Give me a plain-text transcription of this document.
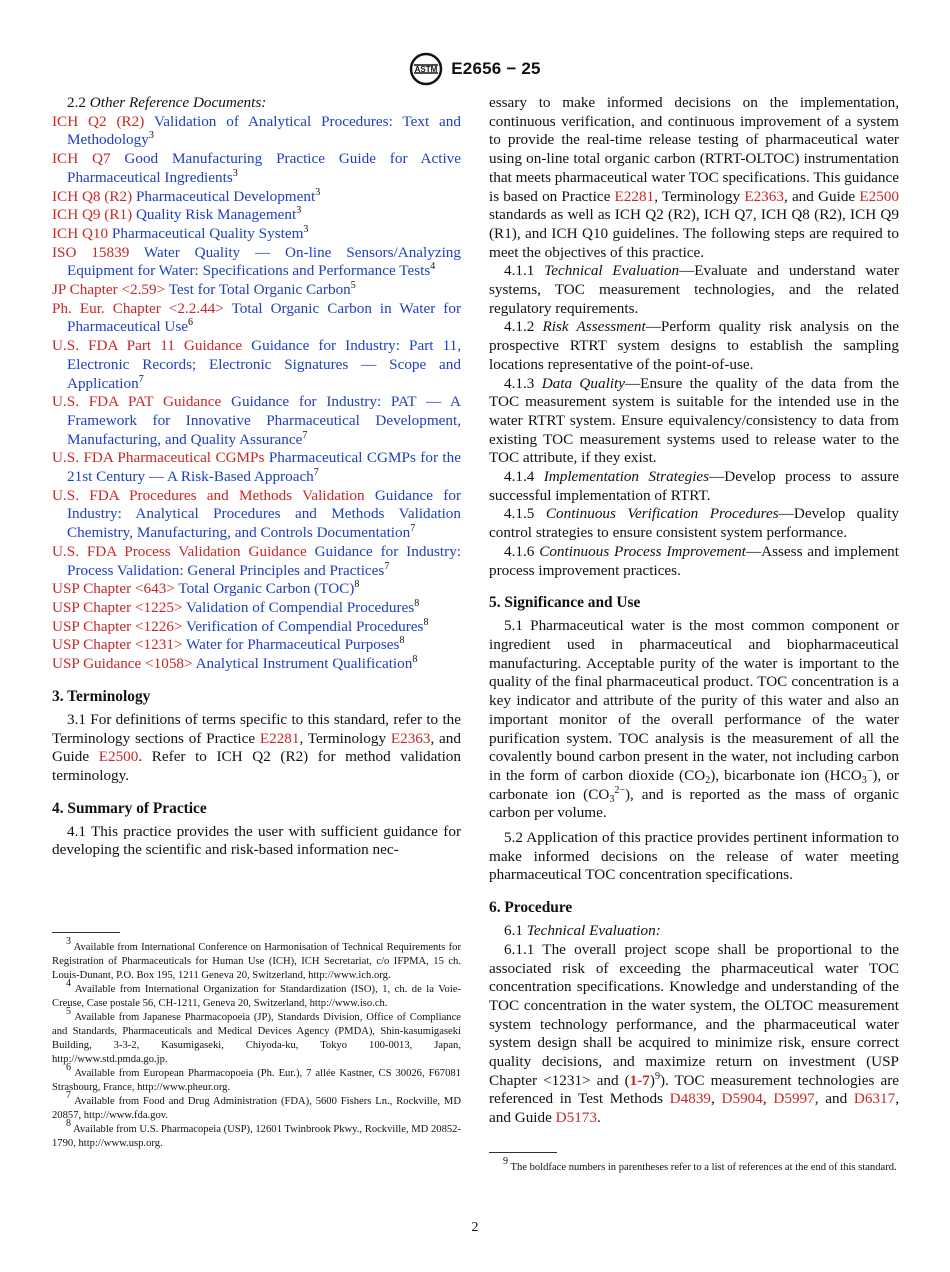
ASTM E2656 − 25

2.2 Other Reference Documents:

ICH Q2 (R2) Validation of Analytical Procedures: Text and Methodology$^3$

ICH Q7 Good Manufacturing Practice Guide for Active Pharmaceutical Ingredients$^3$

ICH Q8 (R2) Pharmaceutical Development$^3$

ICH Q9 (R1) Quality Risk Management$^3$

ICH Q10 Pharmaceutical Quality System$^3$

ISO 15839 Water Quality — On-line Sensors/Analyzing Equipment for Water: Specifications and Performance Tests$^4$

JP Chapter <2.59> Test for Total Organic Carbon$^5$

Ph. Eur. Chapter <2.2.44> Total Organic Carbon in Water for Pharmaceutical Use$^6$

U.S. FDA Part 11 Guidance Guidance for Industry: Part 11, Electronic Records; Electronic Signatures — Scope and Application$^7$

U.S. FDA PAT Guidance Guidance for Industry: PAT — A Framework for Innovative Pharmaceutical Development, Manufacturing, and Quality Assurance$^7$

U.S. FDA Pharmaceutical CGMPs Pharmaceutical CGMPs for the 21st Century — A Risk-Based Approach$^7$

U.S. FDA Procedures and Methods Validation Guidance for Industry: Analytical Procedures and Methods Validation Chemistry, Manufacturing, and Controls Documentation$^7$

U.S. FDA Process Validation Guidance Guidance for Industry: Process Validation: General Principles and Practices$^7$

USP Chapter <643> Total Organic Carbon (TOC)$^8$

USP Chapter <1225> Validation of Compendial Procedures$^8$

USP Chapter <1226> Verification of Compendial Procedures$^8$

USP Chapter <1231> Water for Pharmaceutical Purposes$^8$

USP Guidance <1058> Analytical Instrument Qualification$^8$

3. Terminology

3.1 For definitions of terms specific to this standard, refer to the Terminology sections of Practice E2281, Terminology E2363, and Guide E2500. Refer to ICH Q2 (R2) for method validation terminology.

4. Summary of Practice

4.1 This practice provides the user with sufficient guidance for developing the scientific and risk-based information nec-

$^3$ Available from International Conference on Harmonisation of Technical Requirements for Registration of Pharmaceuticals for Human Use (ICH), ICH Secretariat, c/o IFPMA, 15 ch. Louis-Dunant, P.O. Box 195, 1211 Geneva 20, Switzerland, http://www.ich.org.

$^4$ Available from International Organization for Standardization (ISO), 1, ch. de la Voie-Creuse, Case postale 56, CH-1211, Geneva 20, Switzerland, http://www.iso.ch.

$^5$ Available from Japanese Pharmacopoeia (JP), Standards Division, Office of Compliance and Standards, Pharmaceuticals and Medical Devices Agency (PMDA), Shin-kasumigaseki Building, 3-3-2, Kasumigaseki, Chiyoda-ku, Tokyo 100-0013, Japan, http://www.std.pmda.go.jp.

$^6$ Available from European Pharmacopoeia (Ph. Eur.), 7 allée Kastner, CS 30026, F67081 Strasbourg, France, http://www.pheur.org.

$^7$ Available from Food and Drug Administration (FDA), 5600 Fishers Ln., Rockville, MD 20857, http://www.fda.gov.

$^8$ Available from U.S. Pharmacopeia (USP), 12601 Twinbrook Pkwy., Rockville, MD 20852-1790, http://www.usp.org.

essary to make informed decisions on the implementation, continuous verification, and continuous improvement of a system to provide the real-time release testing of pharmaceutical water using on-line total organic carbon (RTRT-OLTOC) instrumentation that meets pharmaceutical water TOC specifications. This guidance is based on Practice E2281, Terminology E2363, and Guide E2500 standards as well as ICH Q2 (R2), ICH Q7, ICH Q8 (R2), ICH Q9 (R1), and ICH Q10 guidelines. The following steps are required to meet the objectives of this practice.

4.1.1 Technical Evaluation—Evaluate and understand water systems, TOC measurement technologies, and the related regulatory requirements.

4.1.2 Risk Assessment—Perform quality risk analysis on the prospective RTRT system designs to establish the sampling locations representative of the point-of-use.

4.1.3 Data Quality—Ensure the quality of the data from the TOC measurement system is suitable for the intended use in the water RTRT system. Ensure equivalency/consistency to data from existing TOC measurement systems used to release water to the TOC attribute, if they exist.

4.1.4 Implementation Strategies—Develop process to assure successful implementation of RTRT.

4.1.5 Continuous Verification Procedures—Develop quality control strategies to ensure consistent system performance.

4.1.6 Continuous Process Improvement—Assess and implement process improvement practices.

5. Significance and Use

5.1 Pharmaceutical water is the most common component or ingredient used in pharmaceutical and biopharmaceutical manufacturing. Acceptable purity of the water is important to the quality of the final pharmaceutical product. TOC concentration is a key indicator and attribute of the purity of this water and also an important monitor of the overall performance of the water purification system. TOC analysis is the measurement of all the covalently bound carbon present in the water, not including carbon in the form of carbon dioxide $(CO_2)$, bicarbonate ion $(HCO_3^-)$, or carbonate ion $(CO_3^{2-})$, and is reported as the mass of organic carbon per volume.

5.2 Application of this practice provides pertinent information to make informed decisions on the release of water meeting pharmaceutical TOC concentration specifications.

6. Procedure

6.1 Technical Evaluation:

6.1.1 The overall project scope shall be proportional to the associated risk of exceeding the pharmaceutical water TOC concentration specifications. Knowledge and understanding of the TOC concentration in the water system, the OLTOC measurement system technology performance, and the pharmaceutical water system design shall be acquired to minimize risk, ensure correct quality decisions, and maximize return on investment (USP Chapter <1231> and $(1-7)^9$). TOC measurement technologies are referenced in Test Methods D4839, D5904, D5997, and D6317, and Guide D5173.

$^9$ The boldface numbers in parentheses refer to a list of references at the end of this standard.

2
